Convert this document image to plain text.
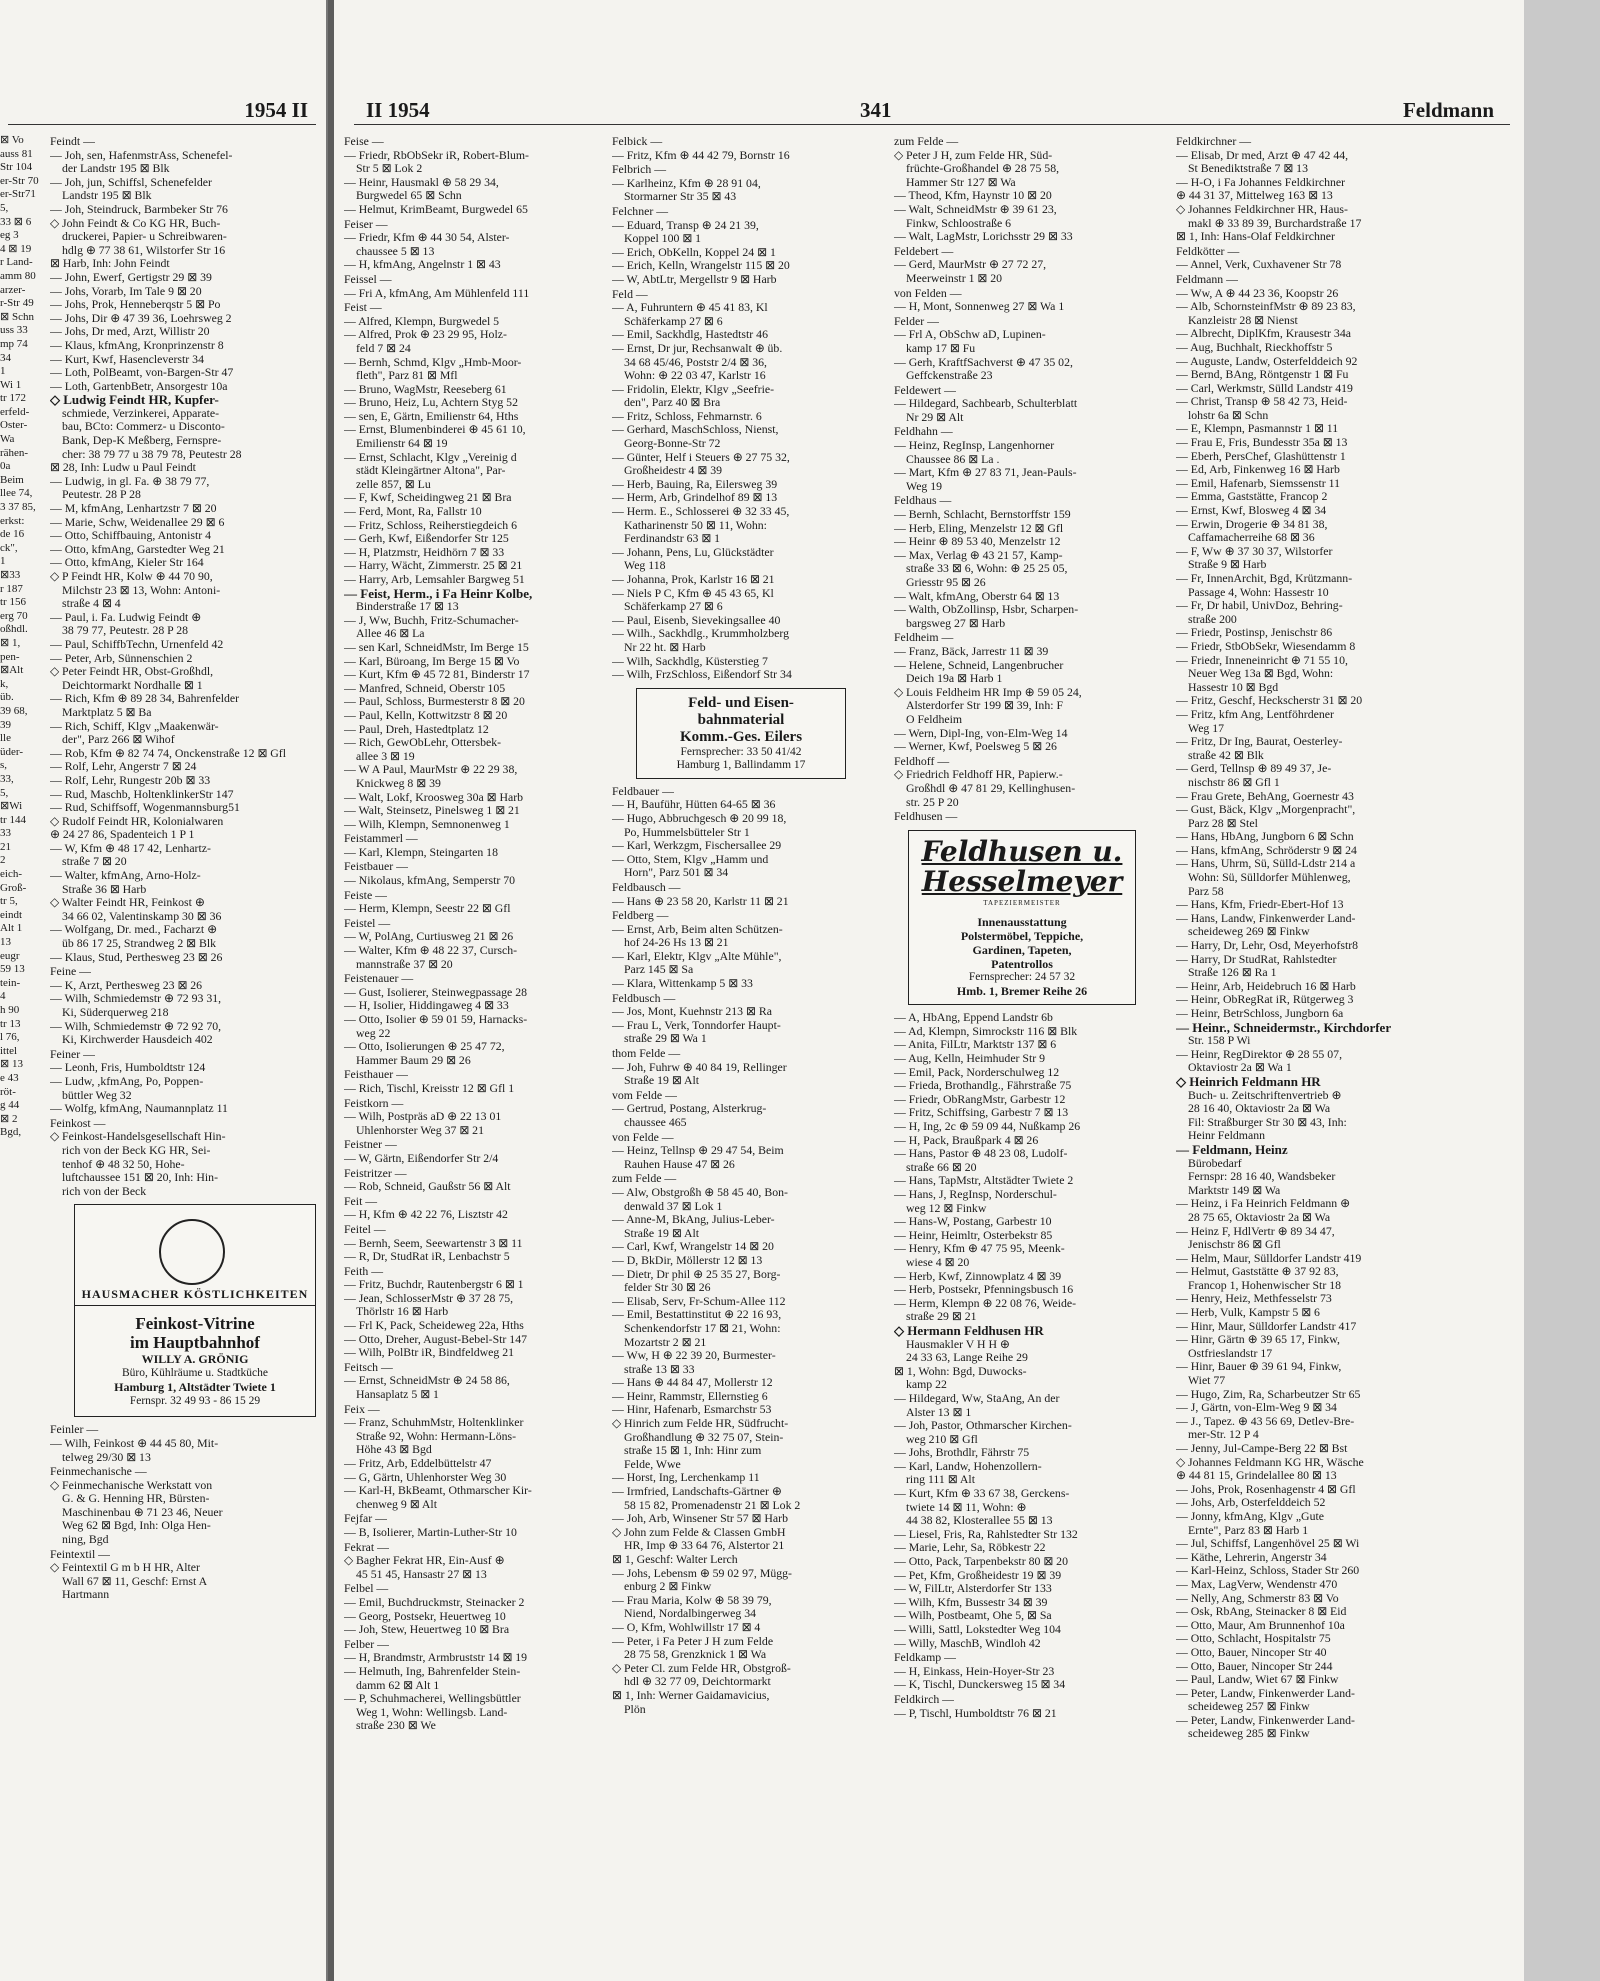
1954 II
⊠ Vo
auss 81
Str 104
er-Str 70
er-Str71
5,
33 ⊠ 6
eg 3
4 ⊠ 19
r Land-
amm 80
arzer-
r-Str 49
⊠ Schn
uss 33
mp 74
34
1
Wi 1
tr 172
erfeld-
Oster-
Wa
rähen-
0a
Beim
llee 74,
3 37 85,
erkst:
de 16
ck",
1
⊠33
r 187
tr 156
erg 70
oßhdl.
⊠ 1,
pen-
⊠Alt
k,
üb.
39 68,
39
lle
üder-
s,
33,
5,
⊠Wi
tr 144
33
21
2
eich-
Groß-
tr 5,
eindt
Alt 1
13
eugr
59 13
tein-
4
h 90
tr 13
l 76,
ittel
⊠ 13
e 43
röt-
g 44
⊠ 2
Bgd,
Feindt —
— Joh, sen, HafenmstrAss, Schenefel-
der Landstr 195 ⊠ Blk
— Joh, jun, Schiffsl, Schenefelder
Landstr 195 ⊠ Blk
— Joh, Steindruck, Barmbeker Str 76
◇ John Feindt & Co KG HR, Buch-
druckerei, Papier- u Schreibwaren-
hdlg ⊕ 77 38 61, Wilstorfer Str 16
⊠ Harb, Inh: John Feindt
— John, Ewerf, Gertigstr 29 ⊠ 39
— Johs, Vorarb, Im Tale 9 ⊠ 20
— Johs, Prok, Henneberqstr 5 ⊠ Po
— Johs, Dir ⊕ 47 39 36, Loehrsweg 2
— Johs, Dr med, Arzt, Willistr 20
— Klaus, kfmAng, Kronprinzenstr 8
— Kurt, Kwf, Hasencleverstr 34
— Loth, PolBeamt, von-Bargen-Str 47
— Loth, GartenbBetr, Ansorgestr 10a
◇ Ludwig Feindt HR, Kupfer-
schmiede, Verzinkerei, Apparate-
bau, BCto: Commerz- u Disconto-
Bank, Dep-K Meßberg, Fernspre-
cher: 38 79 77 u 38 79 78, Peutestr 28
⊠ 28, Inh: Ludw u Paul Feindt
— Ludwig, in gl. Fa. ⊕ 38 79 77,
Peutestr. 28 P 28
— M, kfmAng, Lenhartzstr 7 ⊠ 20
— Marie, Schw, Weidenallee 29 ⊠ 6
— Otto, Schiffbauing, Antonistr 4
— Otto, kfmAng, Garstedter Weg 21
— Otto, kfmAng, Kieler Str 164
◇ P Feindt HR, Kolw ⊕ 44 70 90,
Milchstr 23 ⊠ 13, Wohn: Antoni-
straße 4 ⊠ 4
— Paul, i. Fa. Ludwig Feindt ⊕
38 79 77, Peutestr. 28 P 28
— Paul, SchiffbTechn, Urnenfeld 42
— Peter, Arb, Sünnenschien 2
◇ Peter Feindt HR, Obst-Großhdl,
Deichtormarkt Nordhalle ⊠ 1
— Rich, Kfm ⊕ 89 28 34, Bahrenfelder
Marktplatz 5 ⊠ Ba
— Rich, Schiff, Klgv „Maakenwär-
der", Parz 266 ⊠ Wihof
— Rob, Kfm ⊕ 82 74 74, Onckenstraße 12 ⊠ Gfl
— Rolf, Lehr, Angerstr 7 ⊠ 24
— Rolf, Lehr, Rungestr 20b ⊠ 33
— Rud, Maschb, HoltenklinkerStr 147
— Rud, Schiffsoff, Wogenmannsburg51
◇ Rudolf Feindt HR, Kolonialwaren
⊕ 24 27 86, Spadenteich 1 P 1
— W, Kfm ⊕ 48 17 42, Lenhartz-
straße 7 ⊠ 20
— Walter, kfmAng, Arno-Holz-
Straße 36 ⊠ Harb
◇ Walter Feindt HR, Feinkost ⊕
34 66 02, Valentinskamp 30 ⊠ 36
— Wolfgang, Dr. med., Facharzt ⊕
üb 86 17 25, Strandweg 2 ⊠ Blk
— Klaus, Stud, Perthesweg 23 ⊠ 26
Feine —
— K, Arzt, Perthesweg 23 ⊠ 26
— Wilh, Schmiedemstr ⊕ 72 93 31,
Ki, Süderquerweg 218
— Wilh, Schmiedemstr ⊕ 72 92 70,
Ki, Kirchwerder Hausdeich 402
Feiner —
— Leonh, Fris, Humboldtstr 124
— Ludw, ,kfmAng, Po, Poppen-
büttler Weg 32
— Wolfg, kfmAng, Naumannplatz 11
Feinkost —
◇ Feinkost-Handelsgesellschaft Hin-
rich von der Beck KG HR, Sei-
tenhof ⊕ 48 32 50, Hohe-
luftchaussee 151 ⊠ 20, Inh: Hin-
rich von der Beck
HAUSMACHER KÖSTLICHKEITEN
Feinkost-Vitrine
im Hauptbahnhof
WILLY A. GRÖNIG
Büro, Kühlräume u. Stadtküche
Hamburg 1, Altstädter Twiete 1
Fernspr. 32 49 93 - 86 15 29
Feinler —
— Wilh, Feinkost ⊕ 44 45 80, Mit-
telweg 29/30 ⊠ 13
Feinmechanische —
◇ Feinmechanische Werkstatt von
G. & G. Henning HR, Bürsten-
Maschinenbau ⊕ 71 23 46, Neuer
Weg 62 ⊠ Bgd, Inh: Olga Hen-
ning, Bgd
Feintextil —
◇ Feintextil G m b H HR, Alter
Wall 67 ⊠ 11, Geschf: Ernst A
Hartmann
II 1954	341	Feldmann
Feise —
— Friedr, RbObSekr iR, Robert-Blum-
Str 5 ⊠ Lok 2
— Heinr, Hausmakl ⊕ 58 29 34,
Burgwedel 65 ⊠ Schn
— Helmut, KrimBeamt, Burgwedel 65
Feiser —
— Friedr, Kfm ⊕ 44 30 54, Alster-
chaussee 5 ⊠ 13
— H, kfmAng, Angelnstr 1 ⊠ 43
Feissel —
— Fri A, kfmAng, Am Mühlenfeld 111
Feist —
— Alfred, Klempn, Burgwedel 5
— Alfred, Prok ⊕ 23 29 95, Holz-
feld 7 ⊠ 24
— Bernh, Schmd, Klgv „Hmb-Moor-
fleth", Parz 81 ⊠ Mfl
— Bruno, WagMstr, Reeseberg 61
— Bruno, Heiz, Lu, Achtern Styg 52
— sen, E, Gärtn, Emilienstr 64, Hths
— Ernst, Blumenbinderei ⊕ 45 61 10,
Emilienstr 64 ⊠ 19
— Ernst, Schlacht, Klgv „Vereinig d
städt Kleingärtner Altona", Par-
zelle 857, ⊠ Lu
— F, Kwf, Scheidingweg 21 ⊠ Bra
— Ferd, Mont, Ra, Fallstr 10
— Fritz, Schloss, Reiherstiegdeich 6
— Gerh, Kwf, Eißendorfer Str 125
— H, Platzmstr, Heidhörn 7 ⊠ 33
— Harry, Wächt, Zimmerstr. 25 ⊠ 21
— Harry, Arb, Lemsahler Bargweg 51
— Feist, Herm., i Fa Heinr Kolbe,
Binderstraße 17 ⊠ 13
— J, Ww, Buchh, Fritz-Schumacher-
Allee 46 ⊠ La
— sen Karl, SchneidMstr, Im Berge 15
— Karl, Büroang, Im Berge 15 ⊠ Vo
— Kurt, Kfm ⊕ 45 72 81, Binderstr 17
— Manfred, Schneid, Oberstr 105
— Paul, Schloss, Burmesterstr 8 ⊠ 20
— Paul, Kelln, Kottwitzstr 8 ⊠ 20
— Paul, Dreh, Hastedtplatz 12
— Rich, GewObLehr, Ottersbek-
allee 3 ⊠ 19
— W A Paul, MaurMstr ⊕ 22 29 38,
Knickweg 8 ⊠ 39
— Walt, Lokf, Kroosweg 30a ⊠ Harb
— Walt, Steinsetz, Pinelsweg 1 ⊠ 21
— Wilh, Klempn, Semnonenweg 1
Feistammerl —
— Karl, Klempn, Steingarten 18
Feistbauer —
— Nikolaus, kfmAng, Semperstr 70
Feiste —
— Herm, Klempn, Seestr 22 ⊠ Gfl
Feistel —
— W, PolAng, Curtiusweg 21 ⊠ 26
— Walter, Kfm ⊕ 48 22 37, Cursch-
mannstraße 37 ⊠ 20
Feistenauer —
— Gust, Isolierer, Steinwegpassage 28
— H, Isolier, Hiddingaweg 4 ⊠ 33
— Otto, Isolier ⊕ 59 01 59, Harnacks-
weg 22
— Otto, Isolierungen ⊕ 25 47 72,
Hammer Baum 29 ⊠ 26
Feisthauer —
— Rich, Tischl, Kreisstr 12 ⊠ Gfl 1
Feistkorn —
— Wilh, Postpräs aD ⊕ 22 13 01
Uhlenhorster Weg 37 ⊠ 21
Feistner —
— W, Gärtn, Eißendorfer Str 2/4
Feistritzer —
— Rob, Schneid, Gaußstr 56 ⊠ Alt
Feit —
— H, Kfm ⊕ 42 22 76, Lisztstr 42
Feitel —
— Bernh, Seem, Seewartenstr 3 ⊠ 11
— R, Dr, StudRat iR, Lenbachstr 5
Feith —
— Fritz, Buchdr, Rautenbergstr 6 ⊠ 1
— Jean, SchlosserMstr ⊕ 37 28 75,
Thörlstr 16 ⊠ Harb
— Frl K, Pack, Scheideweg 22a, Hths
— Otto, Dreher, August-Bebel-Str 147
— Wilh, PolBtr iR, Bindfeldweg 21
Feitsch —
— Ernst, SchneidMstr ⊕ 24 58 86,
Hansaplatz 5 ⊠ 1
Feix —
— Franz, SchuhmMstr, Holtenklinker
Straße 92, Wohn: Hermann-Löns-
Höhe 43 ⊠ Bgd
— Fritz, Arb, Eddelbüttelstr 47
— G, Gärtn, Uhlenhorster Weg 30
— Karl-H, BkBeamt, Othmarscher Kir-
chenweg 9 ⊠ Alt
Fejfar —
— B, Isolierer, Martin-Luther-Str 10
Fekrat —
◇ Bagher Fekrat HR, Ein-Ausf ⊕
45 51 45, Hansastr 27 ⊠ 13
Felbel —
— Emil, Buchdruckmstr, Steinacker 2
— Georg, Postsekr, Heuertweg 10
— Joh, Stew, Heuertweg 10 ⊠ Bra
Felber —
— H, Brandmstr, Armbruststr 14 ⊠ 19
— Helmuth, Ing, Bahrenfelder Stein-
damm 62 ⊠ Alt 1
— P, Schuhmacherei, Wellingsbüttler
Weg 1, Wohn: Wellingsb. Land-
straße 230 ⊠ We
Felbick —
— Fritz, Kfm ⊕ 44 42 79, Bornstr 16
Felbrich —
— Karlheinz, Kfm ⊕ 28 91 04,
Stormarner Str 35 ⊠ 43
Felchner —
— Eduard, Transp ⊕ 24 21 39,
Koppel 100 ⊠ 1
— Erich, ObKelln, Koppel 24 ⊠ 1
— Erich, Kelln, Wrangelstr 115 ⊠ 20
— W, AbtLtr, Mergellstr 9 ⊠ Harb
Feld —
— A, Fuhruntern ⊕ 45 41 83, Kl
Schäferkamp 27 ⊠ 6
— Emil, Sackhdlg, Hastedtstr 46
— Ernst, Dr jur, Rechsanwalt ⊕ üb.
34 68 45/46, Poststr 2/4 ⊠ 36,
Wohn: ⊕ 22 03 47, Karlstr 16
— Fridolin, Elektr, Klgv „Seefrie-
den", Parz 40 ⊠ Bra
— Fritz, Schloss, Fehmarnstr. 6
— Gerhard, MaschSchloss, Nienst,
Georg-Bonne-Str 72
— Günter, Helf i Steuers ⊕ 27 75 32,
Großheidestr 4 ⊠ 39
— Herb, Bauing, Ra, Eilersweg 39
— Herm, Arb, Grindelhof 89 ⊠ 13
— Herm. E., Schlosserei ⊕ 32 33 45,
Katharinenstr 50 ⊠ 11, Wohn:
Ferdinandstr 63 ⊠ 1
— Johann, Pens, Lu, Glückstädter
Weg 118
— Johanna, Prok, Karlstr 16 ⊠ 21
— Niels P C, Kfm ⊕ 45 43 65, Kl
Schäferkamp 27 ⊠ 6
— Paul, Eisenb, Sievekingsallee 40
— Wilh., Sackhdlg., Krummholzberg
Nr 22 ht. ⊠ Harb
— Wilh, Sackhdlg, Küsterstieg 7
— Wilh, FrzSchloss, Eißendorf Str 34
Feld- und Eisen-
bahnmaterial
Komm.-Ges. Eilers
Fernsprecher: 33 50 41/42
Hamburg 1, Ballindamm 17
Feldbauer —
— H, Bauführ, Hütten 64-65 ⊠ 36
— Hugo, Abbruchgesch ⊕ 20 99 18,
Po, Hummelsbütteler Str 1
— Karl, Werkzgm, Fischersallee 29
— Otto, Stem, Klgv „Hamm und
Horn", Parz 501 ⊠ 34
Feldbausch —
— Hans ⊕ 23 58 20, Karlstr 11 ⊠ 21
Feldberg —
— Ernst, Arb, Beim alten Schützen-
hof 24-26 Hs 13 ⊠ 21
— Karl, Elektr, Klgv „Alte Mühle",
Parz 145 ⊠ Sa
— Klara, Wittenkamp 5 ⊠ 33
Feldbusch —
— Jos, Mont, Kuehnstr 213 ⊠ Ra
— Frau L, Verk, Tonndorfer Haupt-
straße 29 ⊠ Wa 1
thom Felde —
— Joh, Fuhrw ⊕ 40 84 19, Rellinger
Straße 19 ⊠ Alt
vom Felde —
— Gertrud, Postang, Alsterkrug-
chaussee 465
von Felde —
— Heinz, Tellnsp ⊕ 29 47 54, Beim
Rauhen Hause 47 ⊠ 26
zum Felde —
— Alw, Obstgroßh ⊕ 58 45 40, Bon-
denwald 37 ⊠ Lok 1
— Anne-M, BkAng, Julius-Leber-
Straße 19 ⊠ Alt
— Carl, Kwf, Wrangelstr 14 ⊠ 20
— D, BkDir, Möllerstr 12 ⊠ 13
— Dietr, Dr phil ⊕ 25 35 27, Borg-
felder Str 30 ⊠ 26
— Elisab, Serv, Fr-Schum-Allee 112
— Emil, Bestattinstitut ⊕ 22 16 93,
Schenkendorfstr 17 ⊠ 21, Wohn:
Mozartstr 2 ⊠ 21
— Ww, H ⊕ 22 39 20, Burmester-
straße 13 ⊠ 33
— Hans ⊕ 44 84 47, Mollerstr 12
— Heinr, Rammstr, Ellernstieg 6
— Hinr, Hafenarb, Esmarchstr 53
◇ Hinrich zum Felde HR, Südfrucht-
Großhandlung ⊕ 32 75 07, Stein-
straße 15 ⊠ 1, Inh: Hinr zum
Felde, Wwe
— Horst, Ing, Lerchenkamp 11
— Irmfried, Landschafts-Gärtner ⊕
58 15 82, Promenadenstr 21 ⊠ Lok 2
— Joh, Arb, Winsener Str 57 ⊠ Harb
◇ John zum Felde & Classen GmbH
HR, Imp ⊕ 33 64 76, Alstertor 21
⊠ 1, Geschf: Walter Lerch
— Johs, Lebensm ⊕ 59 02 97, Mügg-
enburg 2 ⊠ Finkw
— Frau Maria, Kolw ⊕ 58 39 79,
Niend, Nordalbingerweg 34
— O, Kfm, Wohlwillstr 17 ⊠ 4
— Peter, i Fa Peter J H zum Felde
28 75 58, Grenzknick 1 ⊠ Wa
◇ Peter Cl. zum Felde HR, Obstgroß-
hdl ⊕ 32 77 09, Deichtormarkt
⊠ 1, Inh: Werner Gaidamavicius,
Plön
zum Felde —
◇ Peter J H, zum Felde HR, Süd-
früchte-Großhandel ⊕ 28 75 58,
Hammer Str 127 ⊠ Wa
— Theod, Kfm, Haynstr 10 ⊠ 20
— Walt, SchneidMstr ⊕ 39 61 23,
Finkw, Schloostraße 6
— Walt, LagMstr, Lorichsstr 29 ⊠ 33
Feldebert —
— Gerd, MaurMstr ⊕ 27 72 27,
Meerweinstr 1 ⊠ 20
von Felden —
— H, Mont, Sonnenweg 27 ⊠ Wa 1
Felder —
— Frl A, ObSchw aD, Lupinen-
kamp 17 ⊠ Fu
— Gerh, KraftfSachverst ⊕ 47 35 02,
Geffckenstraße 23
Feldewert —
— Hildegard, Sachbearb, Schulterblatt
Nr 29 ⊠ Alt
Feldhahn —
— Heinz, RegInsp, Langenhorner
Chaussee 86 ⊠ La .
— Mart, Kfm ⊕ 27 83 71, Jean-Pauls-
Weg 19
Feldhaus —
— Bernh, Schlacht, Bernstorffstr 159
— Herb, Eling, Menzelstr 12 ⊠ Gfl
— Heinr ⊕ 89 53 40, Menzelstr 12
— Max, Verlag ⊕ 43 21 57, Kamp-
straße 33 ⊠ 6, Wohn: ⊕ 25 25 05,
Griesstr 95 ⊠ 26
— Walt, kfmAng, Oberstr 64 ⊠ 13
— Walth, ObZollinsp, Hsbr, Scharpen-
bargsweg 27 ⊠ Harb
Feldheim —
— Franz, Bäck, Jarrestr 11 ⊠ 39
— Helene, Schneid, Langenbrucher
Deich 19a ⊠ Harb 1
◇ Louis Feldheim HR Imp ⊕ 59 05 24,
Alsterdorfer Str 199 ⊠ 39, Inh: F
O Feldheim
— Wern, Dipl-Ing, von-Elm-Weg 14
— Werner, Kwf, Poelsweg 5 ⊠ 26
Feldhoff —
◇ Friedrich Feldhoff HR, Papierw.-
Großhdl ⊕ 47 81 29, Kellinghusen-
str. 25 P 20
Feldhusen —
Feldhusen u.
Hesselmeyer
TAPEZIERMEISTER
Innenausstattung
Polstermöbel, Teppiche,
Gardinen, Tapeten,
Patentrollos
Fernsprecher: 24 57 32
Hmb. 1, Bremer Reihe 26
— A, HbAng, Eppend Landstr 6b
— Ad, Klempn, Simrockstr 116 ⊠ Blk
— Anita, FilLtr, Marktstr 137 ⊠ 6
— Aug, Kelln, Heimhuder Str 9
— Emil, Pack, Norderschulweg 12
— Frieda, Brothandlg., Fährstraße 75
— Friedr, ObRangMstr, Garbestr 12
— Fritz, Schiffsing, Garbestr 7 ⊠ 13
— H, Ing, 2c ⊕ 59 09 44, Nußkamp 26
— H, Pack, Braußpark 4 ⊠ 26
— Hans, Pastor ⊕ 48 23 08, Ludolf-
straße 66 ⊠ 20
— Hans, TapMstr, Altstädter Twiete 2
— Hans, J, RegInsp, Norderschul-
weg 12 ⊠ Finkw
— Hans-W, Postang, Garbestr 10
— Heinr, Heimltr, Osterbekstr 85
— Henry, Kfm ⊕ 47 75 95, Meenk-
wiese 4 ⊠ 20
— Herb, Kwf, Zinnowplatz 4 ⊠ 39
— Herb, Postsekr, Pfenningsbusch 16
— Herm, Klempn ⊕ 22 08 76, Weide-
straße 29 ⊠ 21
◇ Hermann Feldhusen HR
Hausmakler V H H ⊕
24 33 63, Lange Reihe 29
⊠ 1, Wohn: Bgd, Duwocks-
kamp 22
— Hildegard, Ww, StaAng, An der
Alster 13 ⊠ 1
— Joh, Pastor, Othmarscher Kirchen-
weg 210 ⊠ Gfl
— Johs, Brothdlr, Fährstr 75
— Karl, Landw, Hohenzollern-
ring 111 ⊠ Alt
— Kurt, Kfm ⊕ 33 67 38, Gerckens-
twiete 14 ⊠ 11, Wohn: ⊕
44 38 82, Klosterallee 55 ⊠ 13
— Liesel, Fris, Ra, Rahlstedter Str 132
— Marie, Lehr, Sa, Röbkestr 22
— Otto, Pack, Tarpenbekstr 80 ⊠ 20
— Pet, Kfm, Großheidestr 19 ⊠ 39
— W, FilLtr, Alsterdorfer Str 133
— Wilh, Kfm, Bussestr 34 ⊠ 39
— Wilh, Postbeamt, Ohe 5, ⊠ Sa
— Willi, Sattl, Lokstedter Weg 104
— Willy, MaschB, Windloh 42
Feldkamp —
— H, Einkass, Hein-Hoyer-Str 23
— K, Tischl, Dunckersweg 15 ⊠ 34
Feldkirch —
— P, Tischl, Humboldtstr 76 ⊠ 21
Feldkirchner —
— Elisab, Dr med, Arzt ⊕ 47 42 44,
St Benediktstraße 7 ⊠ 13
— H-O, i Fa Johannes Feldkirchner
⊕ 44 31 37, Mittelweg 163 ⊠ 13
◇ Johannes Feldkirchner HR, Haus-
makl ⊕ 33 89 39, Burchardstraße 17
⊠ 1, Inh: Hans-Olaf Feldkirchner
Feldkötter —
— Annel, Verk, Cuxhavener Str 78
Feldmann —
— Ww, A ⊕ 44 23 36, Koopstr 26
— Alb, SchornsteinfMstr ⊕ 89 23 83,
Kanzleistr 28 ⊠ Nienst
— Albrecht, DiplKfm, Krausestr 34a
— Aug, Buchhalt, Rieckhoffstr 5
— Auguste, Landw, Osterfelddeich 92
— Bernd, BAng, Röntgenstr 1 ⊠ Fu
— Carl, Werkmstr, Sülld Landstr 419
— Christ, Transp ⊕ 58 42 73, Heid-
lohstr 6a ⊠ Schn
— E, Klempn, Pasmannstr 1 ⊠ 11
— Frau E, Fris, Bundesstr 35a ⊠ 13
— Eberh, PersChef, Glashüttenstr 1
— Ed, Arb, Finkenweg 16 ⊠ Harb
— Emil, Hafenarb, Siemssenstr 11
— Emma, Gaststätte, Francop 2
— Ernst, Kwf, Blosweg 4 ⊠ 34
— Erwin, Drogerie ⊕ 34 81 38,
Caffamacherreihe 68 ⊠ 36
— F, Ww ⊕ 37 30 37, Wilstorfer
Straße 9 ⊠ Harb
— Fr, InnenArchit, Bgd, Krützmann-
Passage 4, Wohn: Hassestr 10
— Fr, Dr habil, UnivDoz, Behring-
straße 200
— Friedr, Postinsp, Jenischstr 86
— Friedr, StbObSekr, Wiesendamm 8
— Friedr, Inneneinricht ⊕ 71 55 10,
Neuer Weg 13a ⊠ Bgd, Wohn:
Hassestr 10 ⊠ Bgd
— Fritz, Geschf, Heckscherstr 31 ⊠ 20
— Fritz, kfm Ang, Lentföhrdener
Weg 17
— Fritz, Dr Ing, Baurat, Oesterley-
straße 42 ⊠ Blk
— Gerd, Tellnsp ⊕ 89 49 37, Je-
nischstr 86 ⊠ Gfl 1
— Frau Grete, BehAng, Goernestr 43
— Gust, Bäck, Klgv „Morgenpracht",
Parz 28 ⊠ Stel
— Hans, HbAng, Jungborn 6 ⊠ Schn
— Hans, kfmAng, Schröderstr 9 ⊠ 24
— Hans, Uhrm, Sü, Sülld-Ldstr 214 a
Wohn: Sü, Sülldorfer Mühlenweg,
Parz 58
— Hans, Kfm, Friedr-Ebert-Hof 13
— Hans, Landw, Finkenwerder Land-
scheideweg 269 ⊠ Finkw
— Harry, Dr, Lehr, Osd, Meyerhofstr8
— Harry, Dr StudRat, Rahlstedter
Straße 126 ⊠ Ra 1
— Heinr, Arb, Heidebruch 16 ⊠ Harb
— Heinr, ObRegRat iR, Rütgerweg 3
— Heinr, BetrSchloss, Jungborn 6a
— Heinr., Schneidermstr., Kirchdorfer
Str. 158 P Wi
— Heinr, RegDirektor ⊕ 28 55 07,
Oktaviostr 2a ⊠ Wa 1
◇ Heinrich Feldmann HR
Buch- u. Zeitschriftenvertrieb ⊕
28 16 40, Oktaviostr 2a ⊠ Wa
Fil: Straßburger Str 30 ⊠ 43, Inh:
Heinr Feldmann
— Feldmann, Heinz
Bürobedarf
Fernspr: 28 16 40, Wandsbeker
Marktstr 149 ⊠ Wa
— Heinz, i Fa Heinrich Feldmann ⊕
28 75 65, Oktaviostr 2a ⊠ Wa
— Heinz F, HdlVertr ⊕ 89 34 47,
Jenischstr 86 ⊠ Gfl
— Helm, Maur, Sülldorfer Landstr 419
— Helmut, Gaststätte ⊕ 37 92 83,
Francop 1, Hohenwischer Str 18
— Henry, Heiz, Methfesselstr 73
— Herb, Vulk, Kampstr 5 ⊠ 6
— Hinr, Maur, Sülldorfer Landstr 417
— Hinr, Gärtn ⊕ 39 65 17, Finkw,
Ostfrieslandstr 17
— Hinr, Bauer ⊕ 39 61 94, Finkw,
Wiet 77
— Hugo, Zim, Ra, Scharbeutzer Str 65
— J, Gärtn, von-Elm-Weg 9 ⊠ 34
— J., Tapez. ⊕ 43 56 69, Detlev-Bre-
mer-Str. 12 P 4
— Jenny, Jul-Campe-Berg 22 ⊠ Bst
◇ Johannes Feldmann KG HR, Wäsche
⊕ 44 81 15, Grindelallee 80 ⊠ 13
— Johs, Prok, Rosenhagenstr 4 ⊠ Gfl
— Johs, Arb, Osterfelddeich 52
— Jonny, kfmAng, Klgv „Gute
Ernte", Parz 83 ⊠ Harb 1
— Jul, Schiffsf, Langenhövel 25 ⊠ Wi
— Käthe, Lehrerin, Angerstr 34
— Karl-Heinz, Schloss, Stader Str 260
— Max, LagVerw, Wendenstr 470
— Nelly, Ang, Schmerstr 83 ⊠ Vo
— Osk, RbAng, Steinacker 8 ⊠ Eid
— Otto, Maur, Am Brunnenhof 10a
— Otto, Schlacht, Hospitalstr 75
— Otto, Bauer, Nincoper Str 40
— Otto, Bauer, Nincoper Str 244
— Paul, Landw, Wiet 67 ⊠ Finkw
— Peter, Landw, Finkenwerder Land-
scheideweg 257 ⊠ Finkw
— Peter, Landw, Finkenwerder Land-
scheideweg 285 ⊠ Finkw
